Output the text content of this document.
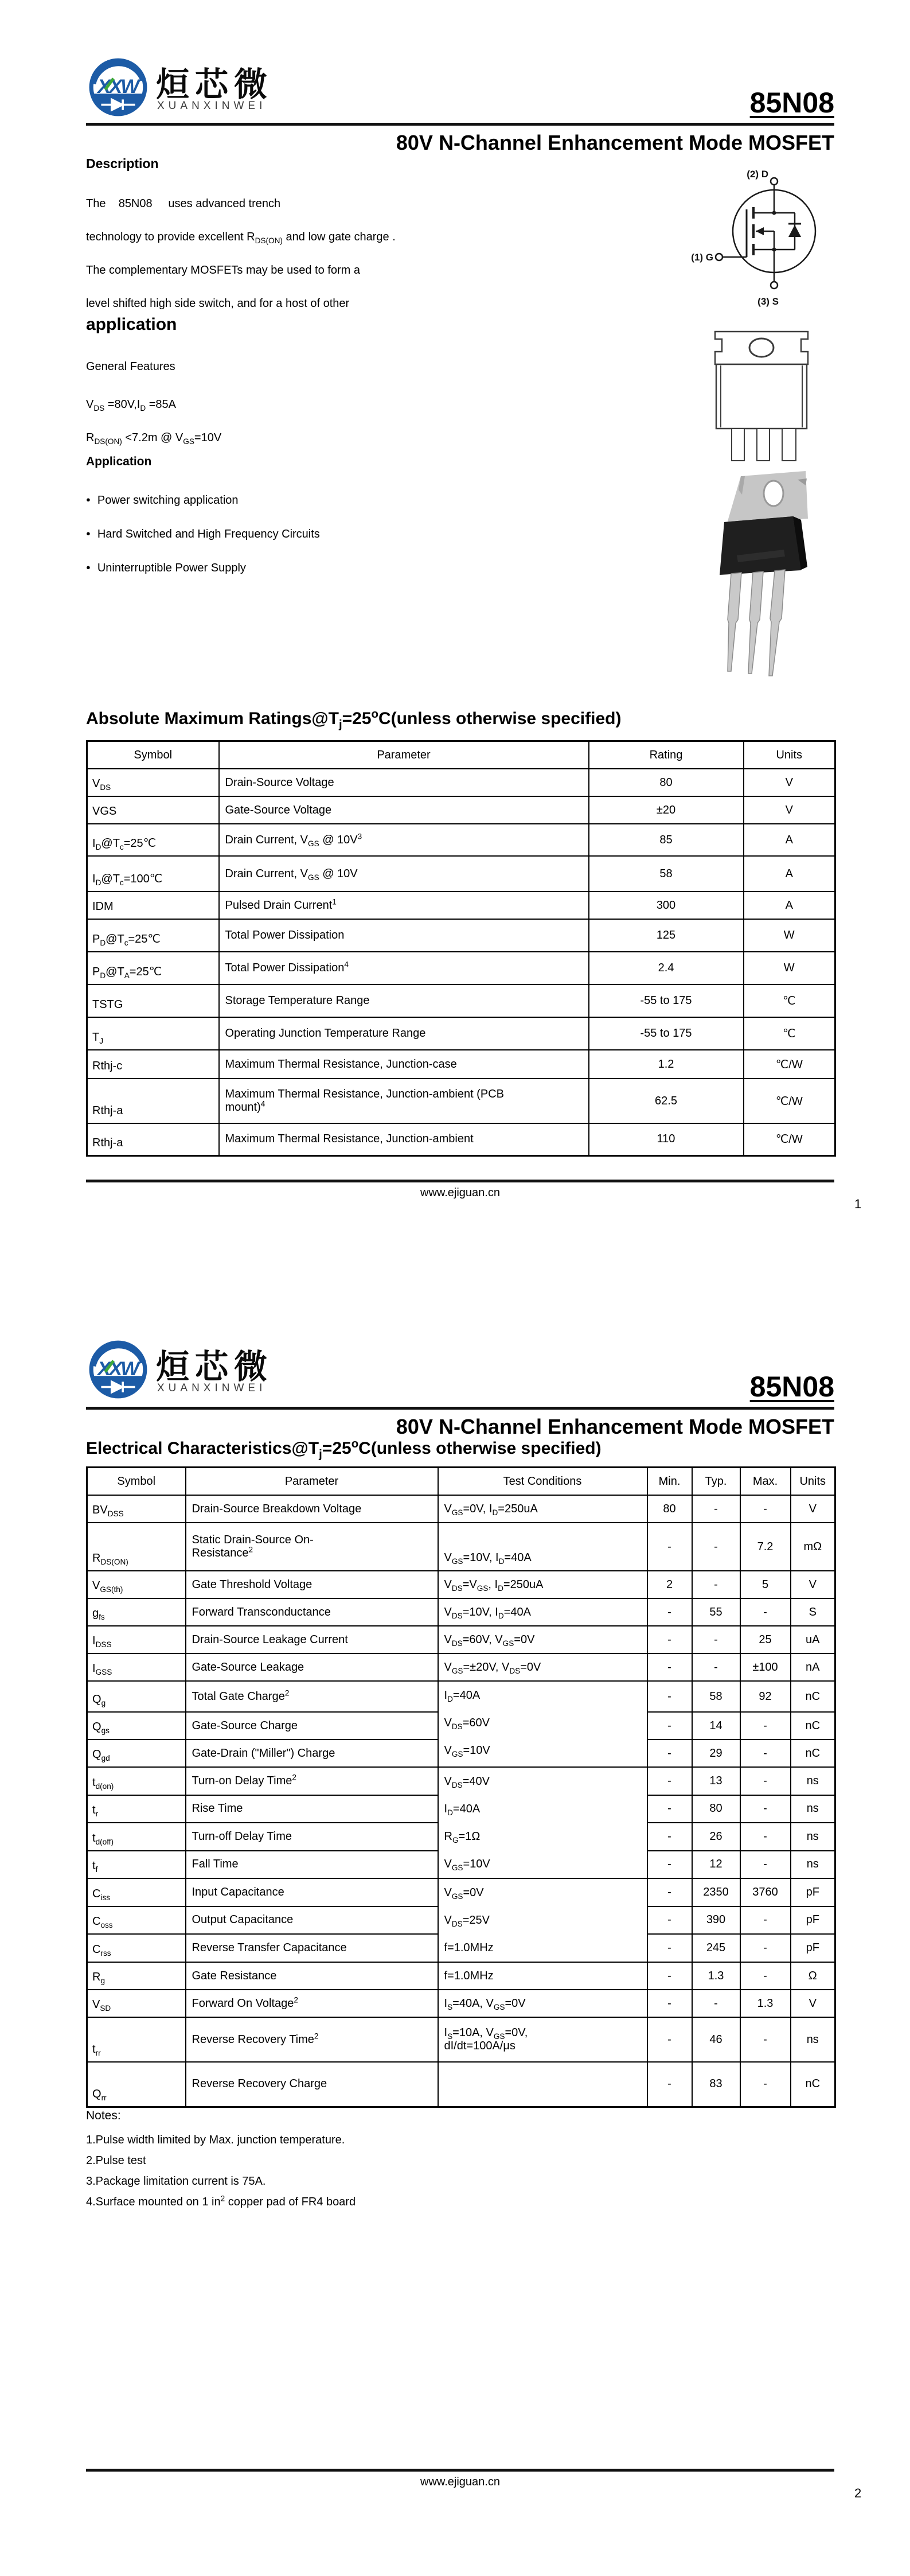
烜芯微
XUANXINWEI	85N08
80V N-Channel Enhancement Mode MOSFET
Description
The    85N08     uses advanced trench
technology to provide excellent $R_{DS(ON)}$ and low gate charge .
The complementary MOSFETs may be used to form a
level shifted high side switch, and for a host of other
application
General Features
$V_{DS} =80V,I_D =85A$
$R_{DS(ON)} <7.2m$ @ $V_{GS}=10V$
Application
● Power switching application
● Hard Switched and High Frequency Circuits
● Uninterruptible Power Supply
(2) D
(1) G
(3) S
Absolute Maximum $Ratings@T_j=25^oC(unless$ otherwise specified)
Symbol	Parameter	Rating	Units
$V_{DS}$	Drain-Source Voltage	80	V
VGS	Gate-Source Voltage	±20	V
$I_D@T_c=25℃$	Drain Current, $V_{GS}$ @ $10V^3$	85	A
$I_D@T_c=100℃$	Drain Current, $V_{GS}$ @ 10V	58	A
IDM	Pulsed Drain Current$^1$	300	A
$P_D@T_c=25℃$	Total Power Dissipation	125	W
$P_D@T_A=25℃$	Total Power Dissipation$^4$	2.4	W
TSTG	Storage Temperature Range	-55 to 175	℃
$T_J$	Operating Junction Temperature Range	-55 to 175	℃
Rthj-c	Maximum Thermal Resistance, Junction-case	1.2	℃/W
Rthj-a	Maximum Thermal Resistance, Junction-ambient (PCB
mount)$^4$	62.5	℃/W
Rthj-a	Maximum Thermal Resistance, Junction-ambient	110	℃/W
www.ejiguan.cn
1
烜芯微
XUANXINWEI	85N08
80V N-Channel Enhancement Mode MOSFET
Electrical $Characteristics@T_j=25^oC(unless$ otherwise specified)
Symbol	Parameter	Test Conditions	Min.	Typ.	Max.	Units
$BV_{DSS}$	Drain-Source Breakdown Voltage	$V_{GS}=0V$, $I_D=250uA$	80	-	-	V
$R_{DS(ON)}$	Static Drain-Source On-
Resistance$^2$	$V_{GS}=10V$, $I_D=40A$	-	-	7.2	mΩ
$V_{GS(th)}$	Gate Threshold Voltage	$V_{DS}=V_{GS}$, $I_D=250uA$	2	-	5	V
$g_{fs}$	Forward Transconductance	$V_{DS}=10V$, $I_D=40A$	-	55	-	S
$I_{DSS}$	Drain-Source Leakage Current	$V_{DS}=60V$, $V_{GS}=0V$	-	-	25	uA
$I_{GSS}$	Gate-Source Leakage	$V_{GS}=\pm 20V$, $V_{DS}=0V$	-	-	±100	nA
$Q_g$	Total Gate Charge$^2$	$I_D=40A$
$V_{DS}=60V$
$V_{GS}=10V$	-	58	92	nC
$Q_{gs}$	Gate-Source Charge		-	14	-	nC
$Q_{gd}$	Gate-Drain ("Miller") Charge		-	29	-	nC
$t_{d(on)}$	Turn-on Delay Time$^2$	$V_{DS}=40V$
$I_D=40A$
$R_G=1\Omega$
$V_{GS}=10V$	-	13	-	ns
$t_r$	Rise Time		-	80	-	ns
$t_{d(off)}$	Turn-off Delay Time		-	26	-	ns
$t_f$	Fall Time		-	12	-	ns
$C_{iss}$	Input Capacitance	$V_{GS}=0V$
$V_{DS}=25V$
f=1.0MHz	-	2350	3760	pF
$C_{oss}$	Output Capacitance		-	390	-	pF
$C_{rss}$	Reverse Transfer Capacitance		-	245	-	pF
$R_g$	Gate Resistance	f=1.0MHz	-	1.3	-	Ω
$V_{SD}$	Forward On Voltage$^2$	$I_S=40A$, $V_{GS}=0V$	-	-	1.3	V
$t_{rr}$	Reverse Recovery Time$^2$	$I_S=10A$, $V_{GS}=0V$,
dI/dt=100A/μs	-	46	-	ns
$Q_{rr}$	Reverse Recovery Charge		-	83	-	nC
Notes:
1.Pulse width limited by Max. junction temperature.
2.Pulse test
3.Package limitation current is 75A.
4.Surface mounted on 1 $in^2$ copper pad of FR4 board
www.ejiguan.cn
2
